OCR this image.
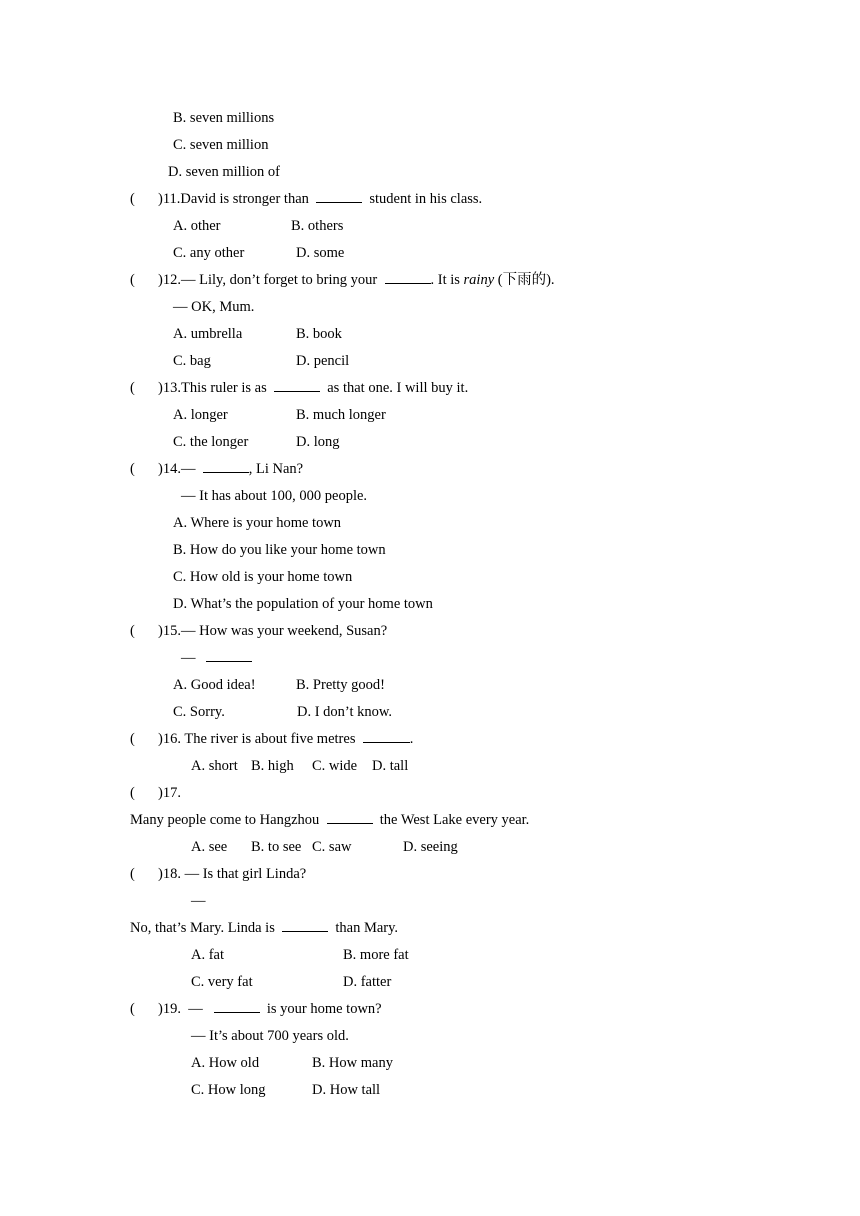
B. seven millions
C. seven million
D. seven million of
( )11.David is stronger than	student in his class.
A. other	B. others
C. any other	D. some
( )12.— Lily, don’t forget to bring your	. It is rainy (下雨的).
— OK, Mum.
A. umbrella	B. book
C. bag	D. pencil
( )13.This ruler is as	as that one. I will buy it.
A. longer	B. much longer
C. the longer	D. long
( )14.—	, Li Nan?
— It has about 100, 000 people.
A. Where is your home town
B. How do you like your home town
C. How old is your home town
D. What’s the population of your home town
( )15.— How was your weekend, Susan?
—
A. Good idea!	B. Pretty good!
C. Sorry.	D. I don’t know.
( )16. The river is about five metres	.
A. short B. high C. wide D. tall
( )17.
Many people come to Hangzhou	the West Lake every year.
A. see B. to see C. saw	D. seeing
( )18. — Is that girl Linda?
—
No, that’s Mary. Linda is	than Mary.
A. fat	B. more fat
C. very fat	D. fatter
( )19. —	is your home town?
— It’s about 700 years old.
A. How old	B. How many
C. How long	D. How tall
